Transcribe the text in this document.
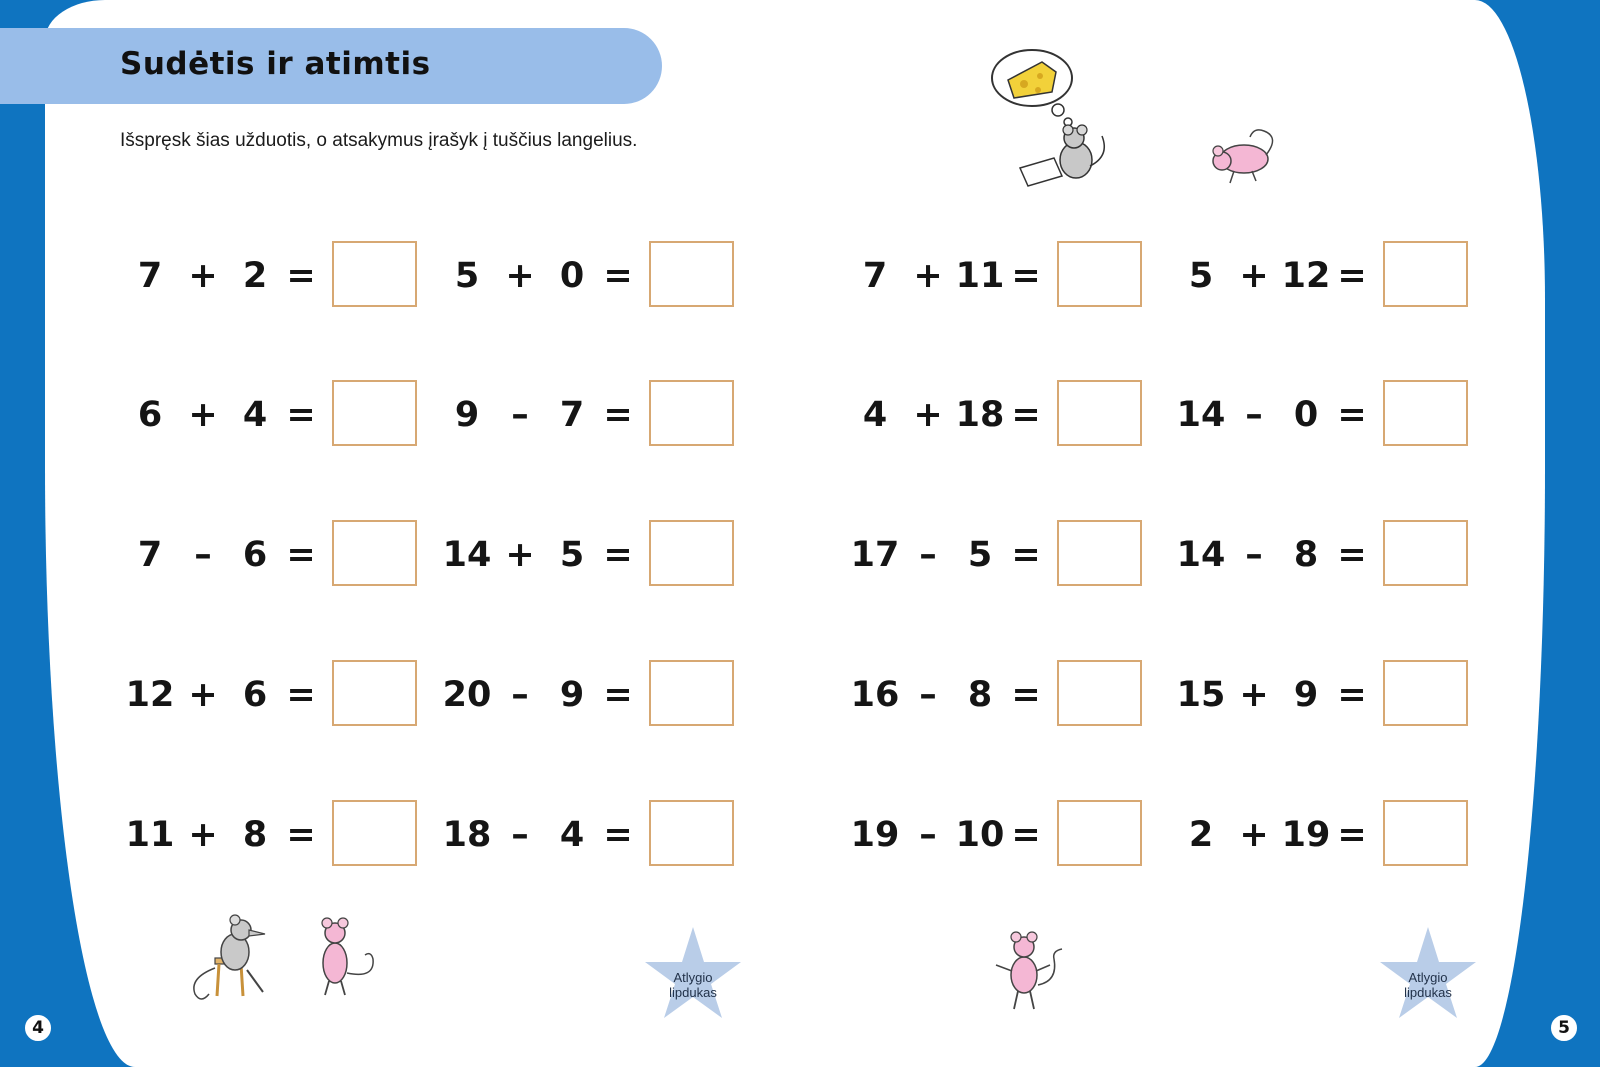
Sudėtis ir atimtis

Išspręsk šias užduotis, o atsakymus įrašyk į tuščius langelius.

7 + 2 =	5 + 0 =	7 + 11 =	5 + 12 =
6 + 4 =	9 – 7 =	4 + 18 =	14 – 0 =
7 – 6 =	14 + 5 =	17 – 5 =	14 – 8 =
12 + 6 =	20 – 9 =	16 – 8 =	15 + 9 =
11 + 8 =	18 – 4 =	19 – 10 =	2 + 19 =
Atlygio
lipdukas
Atlygio
lipdukas
4	5
